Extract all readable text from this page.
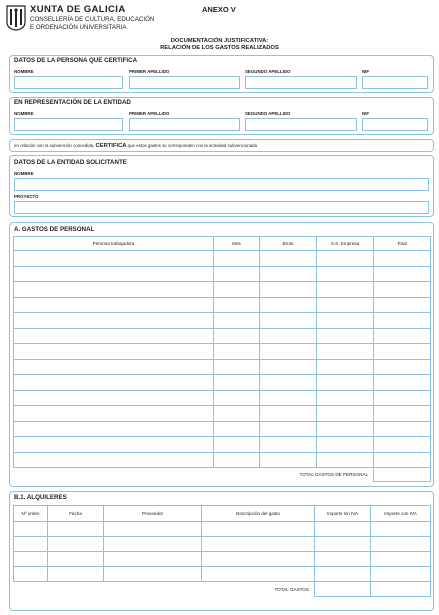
XUNTA DE GALICIA
CONSELLERÍA DE CULTURA, EDUCACIÓN
E ORDENACIÓN UNIVERSITARIA
ANEXO V
DOCUMENTACIÓN JUSTIFICATIVA:
RELACIÓN DE LOS GASTOS REALIZADOS
DATOS DE LA PERSONA QUE CERTIFICA
NOMBRE	PRIMER APELLIDO	SEGUNDO APELLIDO	NIF
EN REPRESENTACIÓN DE LA ENTIDAD
NOMBRE	PRIMER APELLIDO	SEGUNDO APELLIDO	NIF
en relación con la subvención concedida, CERTIFICA que estos gastos se corresponden con la actividad subvencionada
DATOS DE LA ENTIDAD SOLICITANTE
NOMBRE
PROYECTO
A. GASTOS DE PERSONAL
Persona trabajadora	Mes	Bruto	S.S. Empresa	Total

TOTAL GASTOS DE PERSONAL				
B.1. ALQUILERES
Nº orden	Fecha	Proveedor	Descripción del gasto	Importe sin IVA	Importe con IVA

TOTAL GASTOS					
